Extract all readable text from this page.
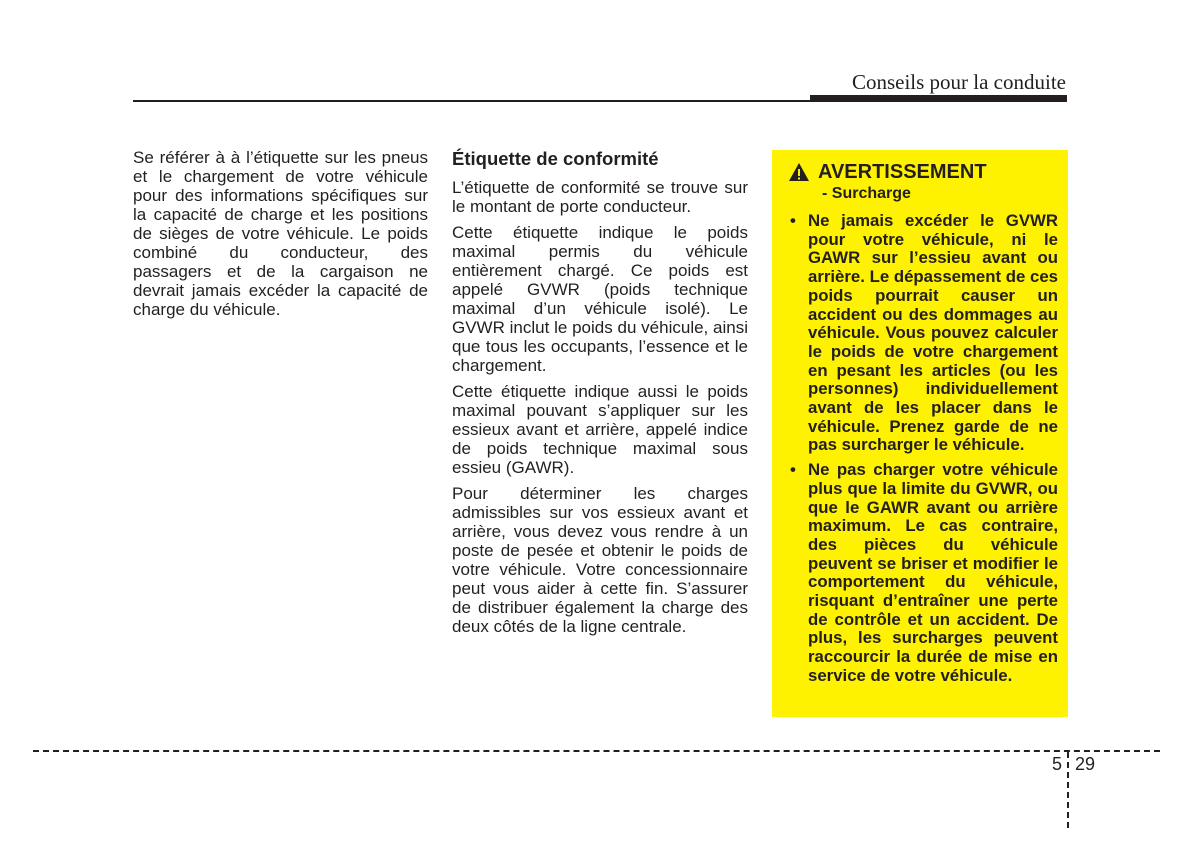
Conseils pour la conduite

Se référer à à l’étiquette sur les pneus et le chargement de votre véhicule pour des informations spécifiques sur la capacité de charge et les positions de sièges de votre véhicule. Le poids combiné du conducteur, des passagers et de la cargaison ne devrait jamais excéder la capacité de charge du véhicule.

Étiquette de conformité

L’étiquette de conformité se trouve sur le montant de porte conducteur.

Cette étiquette indique le poids maximal permis du véhicule entièrement chargé. Ce poids est appelé GVWR (poids technique maximal d’un véhicule isolé). Le GVWR inclut le poids du véhicule, ainsi que tous les occupants, l’essence et le chargement.

Cette étiquette indique aussi le poids maximal pouvant s’appliquer sur les essieux avant et arrière, appelé indice de poids technique maximal sous essieu (GAWR).

Pour déterminer les charges admissibles sur vos essieux avant et arrière, vous devez vous rendre à un poste de pesée et obtenir le poids de votre véhicule. Votre concessionnaire peut vous aider à cette fin. S’assurer de distribuer également la charge des deux côtés de la ligne centrale.

AVERTISSEMENT
- Surcharge
• Ne jamais excéder le GVWR pour votre véhicule, ni le GAWR sur l’essieu avant ou arrière. Le dépassement de ces poids pourrait causer un accident ou des dommages au véhicule. Vous pouvez calculer le poids de votre chargement en pesant les articles (ou les personnes) individuellement avant de les placer dans le véhicule. Prenez garde de ne pas surcharger le véhicule.
• Ne pas charger votre véhicule plus que la limite du GVWR, ou que le GAWR avant ou arrière maximum. Le cas contraire, des pièces du véhicule peuvent se briser et modifier le comportement du véhicule, risquant d’entraîner une perte de contrôle et un accident. De plus, les surcharges peuvent raccourcir la durée de mise en service de votre véhicule.
5 29
